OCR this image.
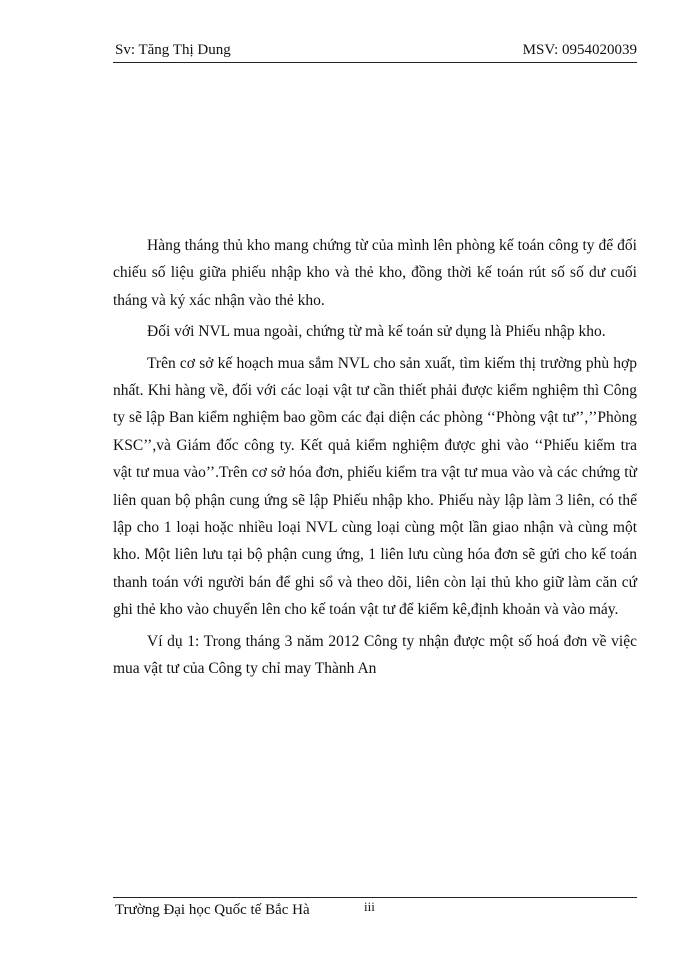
Sv: Tăng Thị Dung	MSV: 0954020039

Hàng tháng thủ kho mang chứng từ của mình lên phòng kế toán công ty để đối chiếu số liệu giữa phiếu nhập kho và thẻ kho, đồng thời kế toán rút số số dư cuối tháng và ký xác nhận vào thẻ kho.

Đối với NVL mua ngoài, chứng từ mà kế toán sử dụng là Phiếu nhập kho.

Trên cơ sở kế hoạch mua sắm NVL cho sản xuất, tìm kiếm thị trường phù hợp nhất. Khi hàng về, đối với các loại vật tư cần thiết phải được kiểm nghiệm thì Công ty sẽ lập Ban kiểm nghiệm bao gồm các đại diện các phòng ‘‘Phòng vật tư’’,’’Phòng KSC’’,và Giám đốc công ty. Kết quả kiểm nghiệm được ghi vào ‘‘Phiếu kiểm tra vật tư mua vào’’.Trên cơ sở hóa đơn, phiếu kiểm tra vật tư mua vào và các chứng từ liên quan bộ phận cung ứng sẽ lập Phiếu nhập kho. Phiếu này lập làm 3 liên, có thể lập cho 1 loại hoặc nhiều loại NVL cùng loại cùng một lần giao nhận và cùng một kho. Một liên lưu tại bộ phận cung ứng, 1 liên lưu cùng hóa đơn sẽ gửi cho kế toán thanh toán với người bán để ghi sổ và theo dõi, liên còn lại thủ kho giữ làm căn cứ ghi thẻ kho vào chuyển lên cho kế toán vật tư để kiểm kê,định khoản và vào máy.

Ví dụ 1: Trong tháng 3 năm 2012 Công ty nhận được một số hoá đơn về việc mua vật tư của Công ty chỉ may Thành An

Trường Đại học Quốc tế Bắc Hà	iii
